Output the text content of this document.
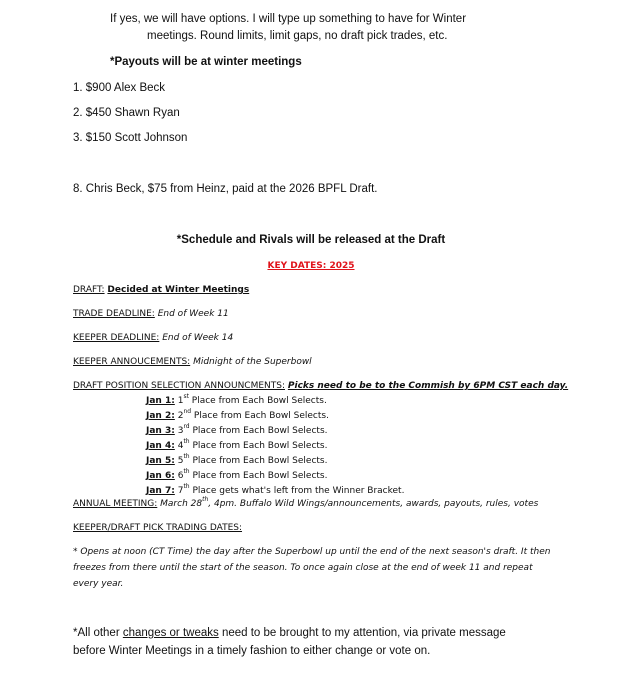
If yes, we will have options. I will type up something to have for Winter
meetings. Round limits, limit gaps, no draft pick trades, etc.
*Payouts will be at winter meetings
1. $900 Alex Beck
2. $450 Shawn Ryan
3. $150 Scott Johnson
8. Chris Beck, $75 from Heinz, paid at the 2026 BPFL Draft.
*Schedule and Rivals will be released at the Draft
KEY DATES: 2025
DRAFT: Decided at Winter Meetings
TRADE DEADLINE: End of Week 11
KEEPER DEADLINE: End of Week 14
KEEPER ANNOUCEMENTS: Midnight of the Superbowl
DRAFT POSITION SELECTION ANNOUNCMENTS: Picks need to be to the Commish by 6PM CST each day.
Jan 1: 1st Place from Each Bowl Selects.
Jan 2: 2nd Place from Each Bowl Selects.
Jan 3: 3rd Place from Each Bowl Selects.
Jan 4: 4th Place from Each Bowl Selects.
Jan 5: 5th Place from Each Bowl Selects.
Jan 6: 6th Place from Each Bowl Selects.
Jan 7: 7th Place gets what's left from the Winner Bracket.
ANNUAL MEETING: March 28th, 4pm. Buffalo Wild Wings/announcements, awards, payouts, rules, votes
KEEPER/DRAFT PICK TRADING DATES:
* Opens at noon (CT Time) the day after the Superbowl up until the end of the next season's draft. It then
freezes from there until the start of the season. To once again close at the end of week 11 and repeat
every year.
*All other changes or tweaks need to be brought to my attention, via private message
before Winter Meetings in a timely fashion to either change or vote on.
